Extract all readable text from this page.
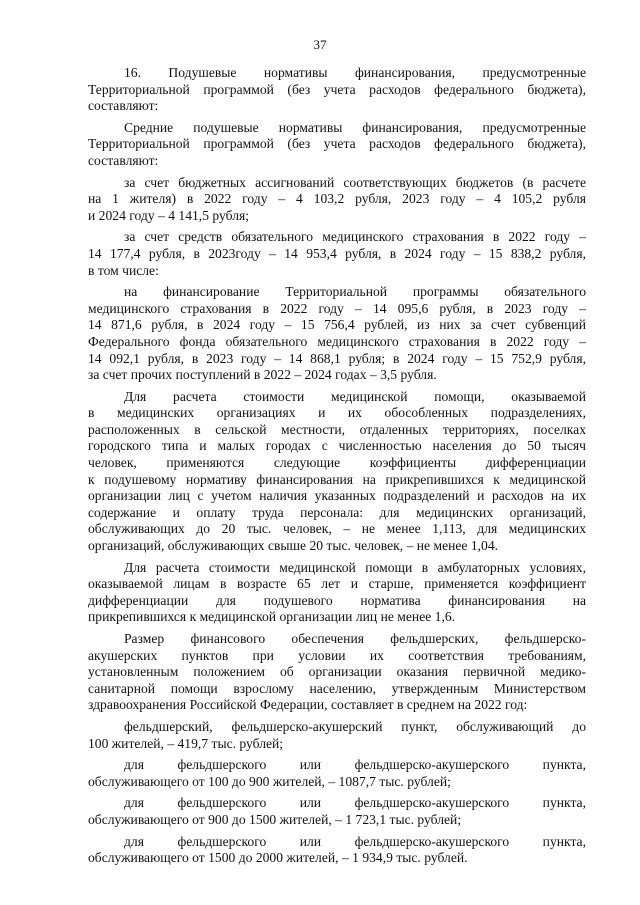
37
16. Подушевые нормативы финансирования, предусмотренные
Территориальной программой (без учета расходов федерального бюджета),
составляют:
Средние подушевые нормативы финансирования, предусмотренные
Территориальной программой (без учета расходов федерального бюджета),
составляют:
за счет бюджетных ассигнований соответствующих бюджетов (в расчете
на 1 жителя) в 2022 году – 4 103,2 рубля, 2023 году – 4 105,2 рубля
и 2024 году – 4 141,5 рубля;
за счет средств обязательного медицинского страхования в 2022 году –
14 177,4 рубля, в 2023году – 14 953,4 рубля, в 2024 году – 15 838,2 рубля,
в том числе:
на финансирование Территориальной программы обязательного
медицинского страхования в 2022 году – 14 095,6 рубля, в 2023 году –
14 871,6 рубля, в 2024 году – 15 756,4 рублей, из них за счет субвенций
Федерального фонда обязательного медицинского страхования в 2022 году –
14 092,1 рубля, в 2023 году – 14 868,1 рубля; в 2024 году – 15 752,9 рубля,
за счет прочих поступлений в 2022 – 2024 годах – 3,5 рубля.
Для расчета стоимости медицинской помощи, оказываемой
в медицинских организациях и их обособленных подразделениях,
расположенных в сельской местности, отдаленных территориях, поселках
городского типа и малых городах с численностью населения до 50 тысяч
человек, применяются следующие коэффициенты дифференциации
к подушевому нормативу финансирования на прикрепившихся к медицинской
организации лиц с учетом наличия указанных подразделений и расходов на их
содержание и оплату труда персонала: для медицинских организаций,
обслуживающих до 20 тыс. человек, – не менее 1,113, для медицинских
организаций, обслуживающих свыше 20 тыс. человек, – не менее 1,04.
Для расчета стоимости медицинской помощи в амбулаторных условиях,
оказываемой лицам в возрасте 65 лет и старше, применяется коэффициент
дифференциации для подушевого норматива финансирования на
прикрепившихся к медицинской организации лиц не менее 1,6.
Размер финансового обеспечения фельдшерских, фельдшерско-
акушерских пунктов при условии их соответствия требованиям,
установленным положением об организации оказания первичной медико-
санитарной помощи взрослому населению, утвержденным Министерством
здравоохранения Российской Федерации, составляет в среднем на 2022 год:
фельдшерский, фельдшерско-акушерский пункт, обслуживающий до
100 жителей, – 419,7 тыс. рублей;
для фельдшерского или фельдшерско-акушерского пункта,
обслуживающего от 100 до 900 жителей, – 1087,7 тыс. рублей;
для фельдшерского или фельдшерско-акушерского пункта,
обслуживающего от 900 до 1500 жителей, – 1 723,1 тыс. рублей;
для фельдшерского или фельдшерско-акушерского пункта,
обслуживающего от 1500 до 2000 жителей, – 1 934,9 тыс. рублей.
